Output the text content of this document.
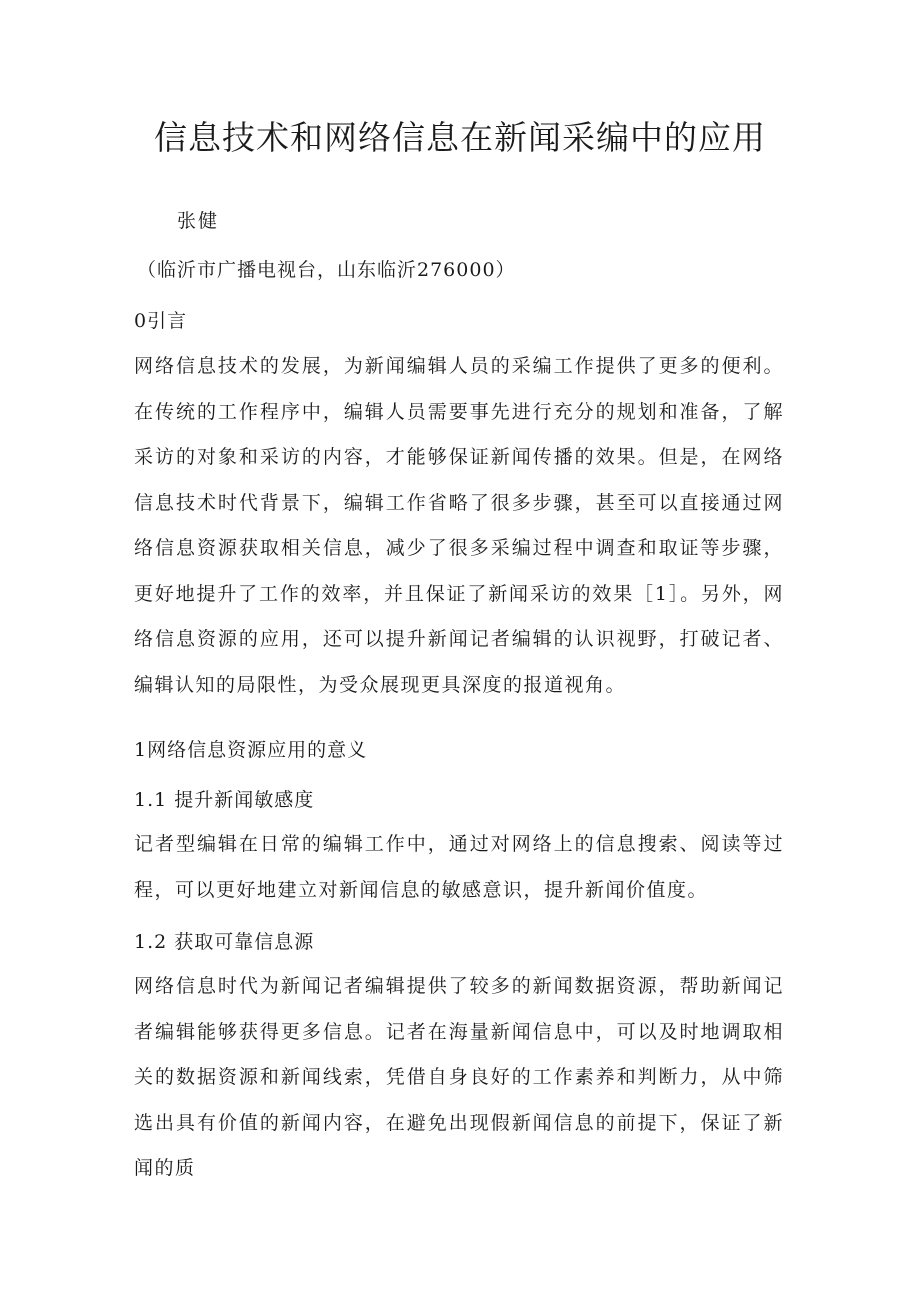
信息技术和网络信息在新闻采编中的应用
张健
（临沂市广播电视台，山东临沂276000）
0引言

网络信息技术的发展，为新闻编辑人员的采编工作提供了更多的便利。在传统的工作程序中，编辑人员需要事先进行充分的规划和准备，了解采访的对象和采访的内容，才能够保证新闻传播的效果。但是，在网络信息技术时代背景下，编辑工作省略了很多步骤，甚至可以直接通过网络信息资源获取相关信息，减少了很多采编过程中调查和取证等步骤，更好地提升了工作的效率，并且保证了新闻采访的效果［1］。另外，网络信息资源的应用，还可以提升新闻记者编辑的认识视野，打破记者、编辑认知的局限性，为受众展现更具深度的报道视角。

1网络信息资源应用的意义
1.1 提升新闻敏感度

记者型编辑在日常的编辑工作中，通过对网络上的信息搜索、阅读等过程，可以更好地建立对新闻信息的敏感意识，提升新闻价值度。

1.2 获取可靠信息源

网络信息时代为新闻记者编辑提供了较多的新闻数据资源，帮助新闻记者编辑能够获得更多信息。记者在海量新闻信息中，可以及时地调取相关的数据资源和新闻线索，凭借自身良好的工作素养和判断力，从中筛选出具有价值的新闻内容，在避免出现假新闻信息的前提下，保证了新闻的质
